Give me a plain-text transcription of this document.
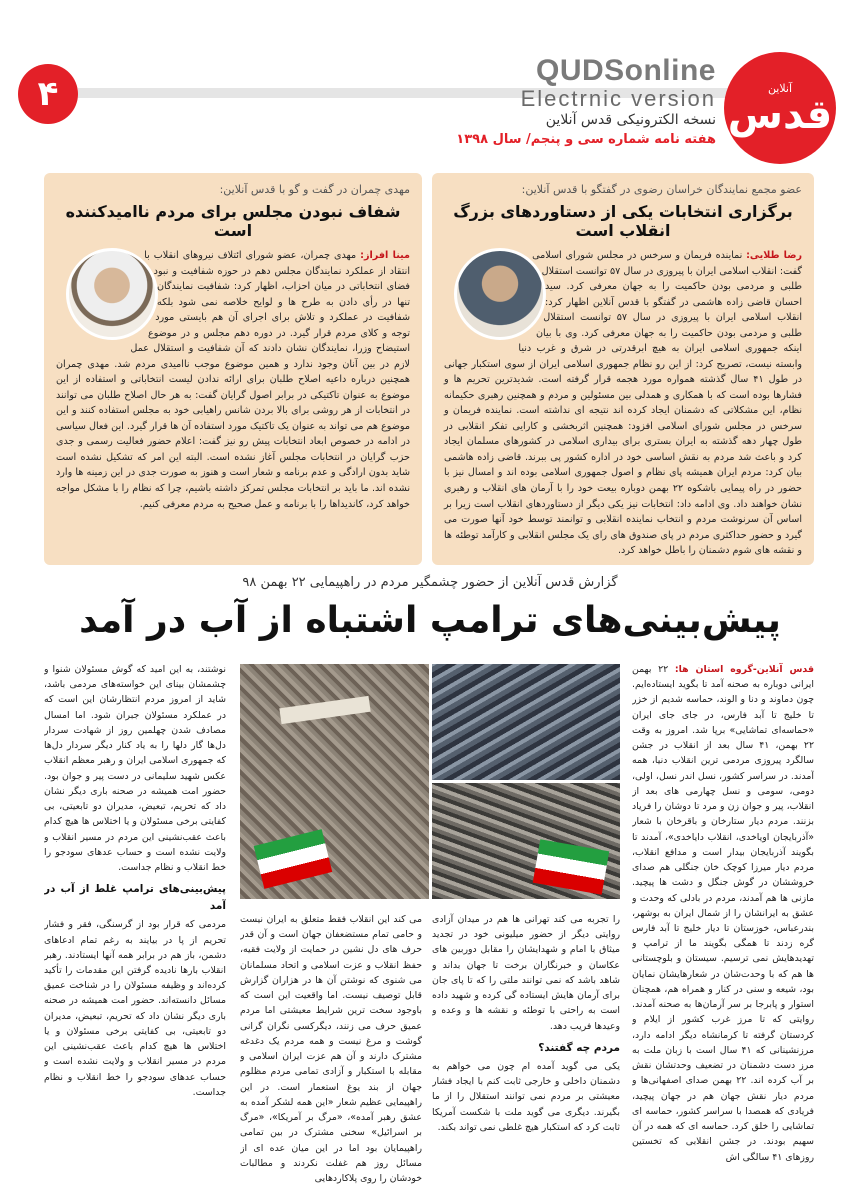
۴
QUDSonline
Electrnic version
نسخه الکترونیکی قدس آنلاین
هفته نامه شماره سی و پنجم/ سال ۱۳۹۸
آنلاین
قدس
عضو مجمع نمایندگان خراسان رضوی در گفتگو با قدس آنلاین:
برگزاری انتخابات یکی از دستاوردهای بزرگ انقلاب است
رضا طلایی: نماینده فریمان و سرخس در مجلس شورای اسلامی گفت: انقلاب اسلامی ایران با پیروزی در سال ۵۷ توانست استقلال طلبی و مردمی بودن حاکمیت را به جهان معرفی کرد. سید احسان قاضی زاده هاشمی در گفتگو با قدس آنلاین اظهار کرد: انقلاب اسلامی ایران با پیروزی در سال ۵۷ توانست استقلال طلبی و مردمی بودن حاکمیت را به جهان معرفی کرد. وی با بیان اینکه جمهوری اسلامی ایران به هیچ ابرقدرتی در شرق و غرب دنیا وابسته نیست، تصریح کرد: از این رو نظام جمهوری اسلامی ایران از سوی استکبار جهانی در طول ۴۱ سال گذشته همواره مورد هجمه قرار گرفته است. شدیدترین تحریم ها و فشارها بوده است که با همکاری و همدلی بین مسئولین و مردم و همچنین رهبری حکیمانه نظام، این مشکلاتی که دشمنان ایجاد کرده اند نتیجه ای نداشته است. نماینده فریمان و سرخس در مجلس شورای اسلامی افزود: همچنین اثربخشی و کارایی تفکر انقلابی در طول چهار دهه گذشته به ایران بستری برای بیداری اسلامی در کشورهای مسلمان ایجاد کرد و باعث شد مردم به نقش اساسی خود در اداره کشور پی ببرند. قاضی زاده هاشمی بیان کرد: مردم ایران همیشه پای نظام و اصول جمهوری اسلامی بوده اند و امسال نیز با حضور در راه پیمایی باشکوه ۲۲ بهمن دوباره بیعت خود را با آرمان های انقلاب و رهبری نشان خواهند داد. وی ادامه داد: انتخابات نیز یکی دیگر از دستاوردهای انقلاب است زیرا بر اساس آن سرنوشت مردم و انتخاب نماینده انقلابی و توانمند توسط خود آنها صورت می گیرد و حضور حداکثری مردم در پای صندوق های رای یک مجلس انقلابی و کارآمد توطئه ها و نقشه های شوم دشمنان را باطل خواهد کرد.
مهدی چمران در گفت و گو با قدس آنلاین:
شفاف نبودن مجلس برای مردم ناامیدکننده است
مینا افراز: مهدی چمران، عضو شورای ائتلاف نیروهای انقلاب با انتقاد از عملکرد نمایندگان مجلس دهم در حوزه شفافیت و نبود فضای انتخاباتی در میان احزاب، اظهار کرد: شفافیت نمایندگان تنها در رأی دادن به طرح ها و لوایح خلاصه نمی شود بلکه شفافیت در عملکرد و تلاش برای اجرای آن هم بایستی مورد توجه و کلای مردم قرار گیرد. در دوره دهم مجلس و در موضوع استیضاح وزرا، نمایندگان نشان دادند که آن شفافیت و استقلال عمل لازم در بین آنان وجود ندارد و همین موضوع موجب ناامیدی مردم شد. مهدی چمران همچنین درباره داعیه اصلاح طلبان برای ارائه ندادن لیست انتخاباتی و استفاده از این موضوع به عنوان تاکتیکی در برابر اصول گرایان گفت: به هر حال اصلاح طلبان می توانند در انتخابات از هر روشی برای بالا بردن شانس راهیابی خود به مجلس استفاده کنند و این موضوع هم می تواند به عنوان یک تاکتیک مورد استفاده آن ها قرار گیرد. این فعال سیاسی در ادامه در خصوص ابعاد انتخابات پیش رو نیز گفت: اعلام حضور فعالیت رسمی و جدی حزب گرایان در انتخابات مجلس آغاز نشده است. البته این امر که تشکیل نشده است شاید بدون ارادگی و عدم برنامه و شعار است و هنوز به صورت جدی در این زمینه ها وارد نشده اند. ما باید بر انتخابات مجلس تمرکز داشته باشیم، چرا که نظام را با مشکل مواجه خواهد کرد، کاندیداها را با برنامه و عمل صحیح به مردم معرفی کنیم.
گزارش قدس آنلاین از حضور چشمگیر مردم در راهپیمایی ۲۲ بهمن ۹۸
پیش‌بینی‌های ترامپ اشتباه از آب در آمد
قدس آنلاین-گروه استان ها: ۲۲ بهمن ایرانی دوباره به صحنه آمد تا بگوید ایستاده‌ایم. چون دماوند و دنا و الوند، حماسه شدیم از خزر تا خلیج تا آبد فارس، در جای جای ایران «حماسه‌ای تماشایی» برپا شد. امروز به وقت ۲۲ بهمن، ۴۱ سال بعد از انقلاب در جشن سالگرد پیروزی مردمی ترین انقلاب دنیا، همه آمدند. در سراسر کشور، نسل اندر نسل، اولی، دومی، سومی و نسل چهارمی های بعد از انقلاب، پیر و جوان زن و مرد تا دوشان را فریاد بزنند. مردم دیار ستارخان و باقرخان با شعار «آذربایجان اویاخدی، انقلاب داياخدی»، آمدند تا بگویند آذربایجان بیدار است و مدافع انقلاب، مردم دیار میرزا کوچک خان جنگلی هم صدای خروششان در گوش جنگل و دشت ها پیچید. مازنی ها هم آمدند، مردم در بادلی که وحدت و عشق به ایرانشان را از شمال ایران به بوشهر، بندرعباس، خوزستان تا دیار خلیج تا آبد فارس گره زدند تا همگی بگویند ما از ترامپ و تهدیدهایش نمی ترسیم. سیستان و بلوچستانی ها هم که با وحدت‌شان در شعارهایشان نمایان بود، شیعه و سنی در کنار و همراه هم، همچنان استوار و پابرجا بر سر آرمان‌ها به صحنه آمدند. روایتی که تا مرز غرب کشور از ایلام و کردستان گرفته تا کرمانشاه دیگر ادامه دارد، مرزنشینانی که ۴۱ سال است با زبان ملت به مرز دست دشمنان در تضعیف وحدتشان نقش بر آب کرده اند. ۲۲ بهمن صدای اصفهانی‌ها و مردم دیار نقش جهان هم در جهان پیچید، فریادی که همصدا با سراسر کشور، حماسه ای تماشایی را خلق کرد. حماسه ای که همه در آن سهیم بودند. در جشن انقلابی که تخستین روزهای ۴۱ سالگی اش
را تجربه می کند تهرانی ها هم در میدان آزادی روایتی دیگر از حضور میلیونی خود در تجدید میثاق با امام و شهدایشان را مقابل دوربین های عکاسان و خبرنگاران برخت تا جهان بداند و شاهد باشد که نمی توانند ملتی را که تا پای جان برای آرمان هایش ایستاده گی کرده و شهید داده است به راحتی با توطئه و نقشه ها و وعده و وعیدها فریب دهد.
مردم چه گفتند؟
یکی می گوید آمده ام چون می خواهم به دشمنان داخلی و خارجی ثابت کنم با ایجاد فشار معیشتی بر مردم نمی توانند استقلال را از ما بگیرند. دیگری می گوید ملت با شکست آمریکا ثابت کرد که استکبار هیچ غلطی نمی تواند بکند.
می کند این انقلاب فقط متعلق به ایران نیست و حامی تمام مستضعفان جهان است و آن قدر حرف های دل نشین در حمایت از ولایت فقیه، حفظ انقلاب و عزت اسلامی و اتحاد مسلمانان می شنوی که نوشتن آن ها در هزاران گزارش قابل توصیف نیست. اما واقعیت این است که باوجود سخت ترین شرایط معیشتی اما مردم عمیق حرف می زنند، دیگرکسی نگران گرانی گوشت و مرغ نیست و همه مردم یک دغدغه مشترک دارند و آن هم عزت ایران اسلامی و مقابله با استکبار و آزادی تمامی مردم مظلوم جهان از بند یوغ استعمار است. در این راهپیمایی عظیم شعار «این همه لشکر آمده به عشق رهبر آمده»، «مرگ بر آمریکا»، «مرگ بر اسرائیل» سخنی مشترک در بین تمامی راهپیمایان بود اما در این میان عده ای از مسائل روز هم غفلت نکردند و مطالبات خودشان را روی پلاکاردهایی
نوشتند، به این امید که گوش مسئولان شنوا و چشمشان بینای این خواسته‌های مردمی باشد، شاید از امروز مردم انتظارشان این است که در عملکرد مسئولان جبران شود. اما امسال مصادف شدن چهلمین روز از شهادت سردار دل‌ها گار دلها را به یاد کنار دیگر سردار دل‌ها که جمهوری اسلامی ایران و رهبر معظم انقلاب عکس شهید سلیمانی در دست پیر و جوان بود. حضور امت همیشه در صحنه باری دیگر نشان داد که تحریم، تبعیض، مدیران دو تابعیتی، بی کفایتی برخی مسئولان و یا اختلاس ها هیچ کدام باعث عقب‌نشینی این مردم در مسیر انقلاب و ولایت نشده است و حساب عدهای سودجو را خط انقلاب و نظام جداست.
پیش‌بینی‌های ترامپ غلط از آب در آمد
مردمی که قرار بود از گرسنگی، فقر و فشار تحریم از پا در بیایند به رغم تمام ادعاهای دشمن، باز هم در برابر همه آنها ایستادند. رهبر انقلاب بارها نادیده گرفتن این مقدمات را تأکید کرده‌اند و وظیفه مسئولان را در شناخت عمیق مسائل دانسته‌اند. حضور امت همیشه در صحنه باری دیگر نشان داد که تحریم، تبعیض، مدیران دو تابعیتی، بی کفایتی برخی مسئولان و یا اختلاس ها هیچ کدام باعث عقب‌نشینی این مردم در مسیر انقلاب و ولایت نشده است و حساب عدهای سودجو را خط انقلاب و نظام جداست.
